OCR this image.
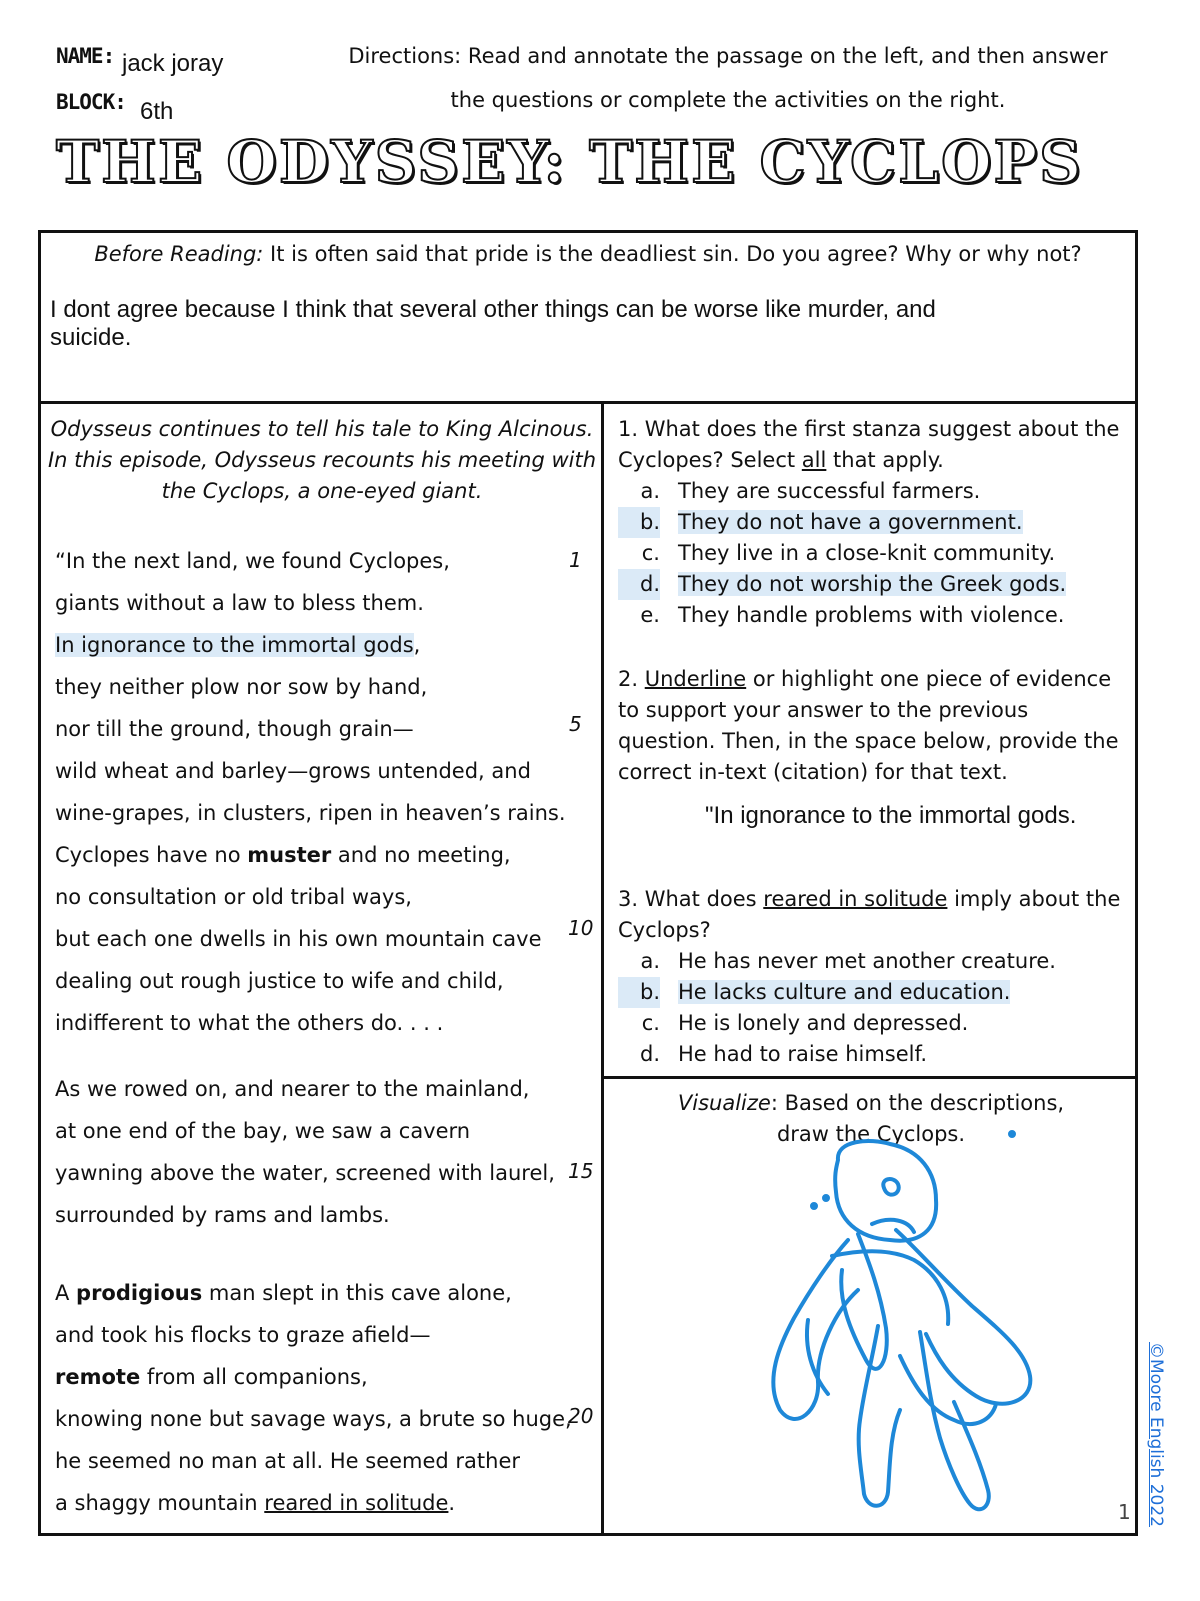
NAME: jack joray
BLOCK: 6th
Directions: Read and annotate the passage on the left, and then answer
the questions or complete the activities on the right.
THE ODYSSEY: THE CYCLOPS
Before Reading: It is often said that pride is the deadliest sin. Do you agree? Why or why not?
I dont agree because I think that several other things can be worse like murder, and
suicide.
Odysseus continues to tell his tale to King Alcinous.
In this episode, Odysseus recounts his meeting with
the Cyclops, a one-eyed giant.
“In the next land, we found Cyclopes,
giants without a law to bless them.
In ignorance to the immortal gods,
they neither plow nor sow by hand,
nor till the ground, though grain—
wild wheat and barley—grows untended, and
wine-grapes, in clusters, ripen in heaven’s rains.
Cyclopes have no muster and no meeting,
no consultation or old tribal ways,
but each one dwells in his own mountain cave
dealing out rough justice to wife and child,
indifferent to what the others do. . . .
As we rowed on, and nearer to the mainland,
at one end of the bay, we saw a cavern
yawning above the water, screened with laurel,
surrounded by rams and lambs.
A prodigious man slept in this cave alone,
and took his flocks to graze afield—
remote from all companions,
knowing none but savage ways, a brute so huge,
he seemed no man at all. He seemed rather
a shaggy mountain reared in solitude.
1
5
10
15
20
1. What does the first stanza suggest about the
Cyclopes? Select all that apply.
a. They are successful farmers.
b. They do not have a government.
c. They live in a close-knit community.
d. They do not worship the Greek gods.
e. They handle problems with violence.
2. Underline or highlight one piece of evidence
to support your answer to the previous
question. Then, in the space below, provide the
correct in-text (citation) for that text.
"In ignorance to the immortal gods.
3. What does reared in solitude imply about the
Cyclops?
a. He has never met another creature.
b. He lacks culture and education.
c. He is lonely and depressed.
d. He had to raise himself.
Visualize: Based on the descriptions,
draw the Cyclops.
©Moore English 2022
1
